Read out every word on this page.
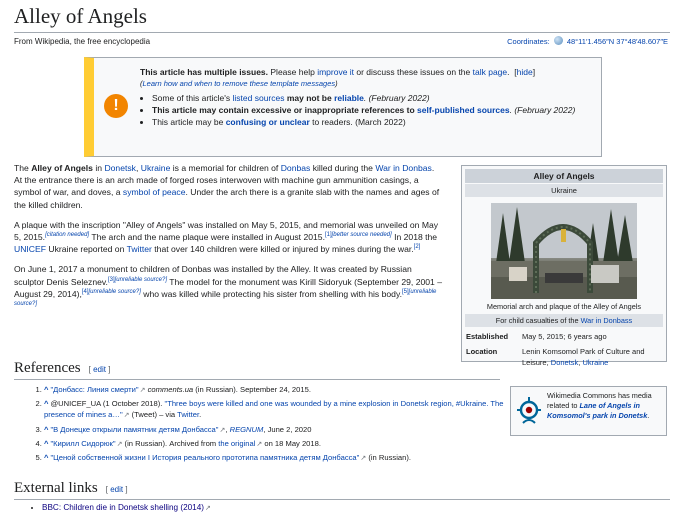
Alley of Angels
From Wikipedia, the free encyclopedia	Coordinates: 48°11′1.456″N 37°48′48.607″E
!
This article has multiple issues. Please help improve it or discuss these issues on the talk page.  [hide]
(Learn how and when to remove these template messages)
• Some of this article's listed sources may not be reliable. (February 2022)
• This article may contain excessive or inappropriate references to self-published sources. (February 2022)
• This article may be confusing or unclear to readers. (March 2022)

The Alley of Angels in Donetsk, Ukraine is a memorial for children of Donbas killed during the War in Donbas. At the entrance there is an arch made of forged roses interwoven with machine gun ammunition casings, a symbol of war, and doves, a symbol of peace. Under the arch there is a granite slab with the names and ages of the killed children.

A plaque with the inscription "Alley of Angels" was installed on May 5, 2015, and memorial was unveiled on May 5, 2015.[citation needed] The arch and the name plaque were installed in August 2015.[1][better source needed] In 2018 the UNICEF Ukraine reported on Twitter that over 140 children were killed or injured by mines during the war.[2]

On June 1, 2017 a monument to children of Donbas was installed by the Alley. It was created by Russian sculptor Denis Seleznev.[3][unreliable source?] The model for the monument was Kirill Sidoryuk (September 29, 2001 – August 29, 2014),[4][unreliable source?] who was killed while protecting his sister from shelling with his body.[5][unreliable source?]

Alley of Angels
Ukraine
Memorial arch and plaque of the Alley of Angels
For child casualties of the War in Donbass
Established	May 5, 2015; 6 years ago
Location	Lenin Komsomol Park of Culture and Leisure, Donetsk, Ukraine
References [ edit ]
1. ^ "Донбасс: Линия смерти" ↗ comments.ua (in Russian). September 24, 2015.
2. ^ @UNICEF_UA (1 October 2018). "Three boys were killed and one was wounded by a mine explosion in Donetsk region, #Ukraine. The presence of mines a…" ↗ (Tweet) – via Twitter.
3. ^ "В Донецке открыли памятник детям Донбасса" ↗ , REGNUM, June 2, 2020
4. ^ "Кирилл Сидорюк" ↗ (in Russian). Archived from the original ↗ on 18 May 2018.
5. ^ "Ценой собственной жизни I История реального прототипа памятника детям Донбасса" ↗ (in Russian).
Wikimedia Commons has media related to Lane of Angels in Komsomol's park in Donetsk.
External links [ edit ]
• BBC: Children die in Donetsk shelling (2014) ↗
